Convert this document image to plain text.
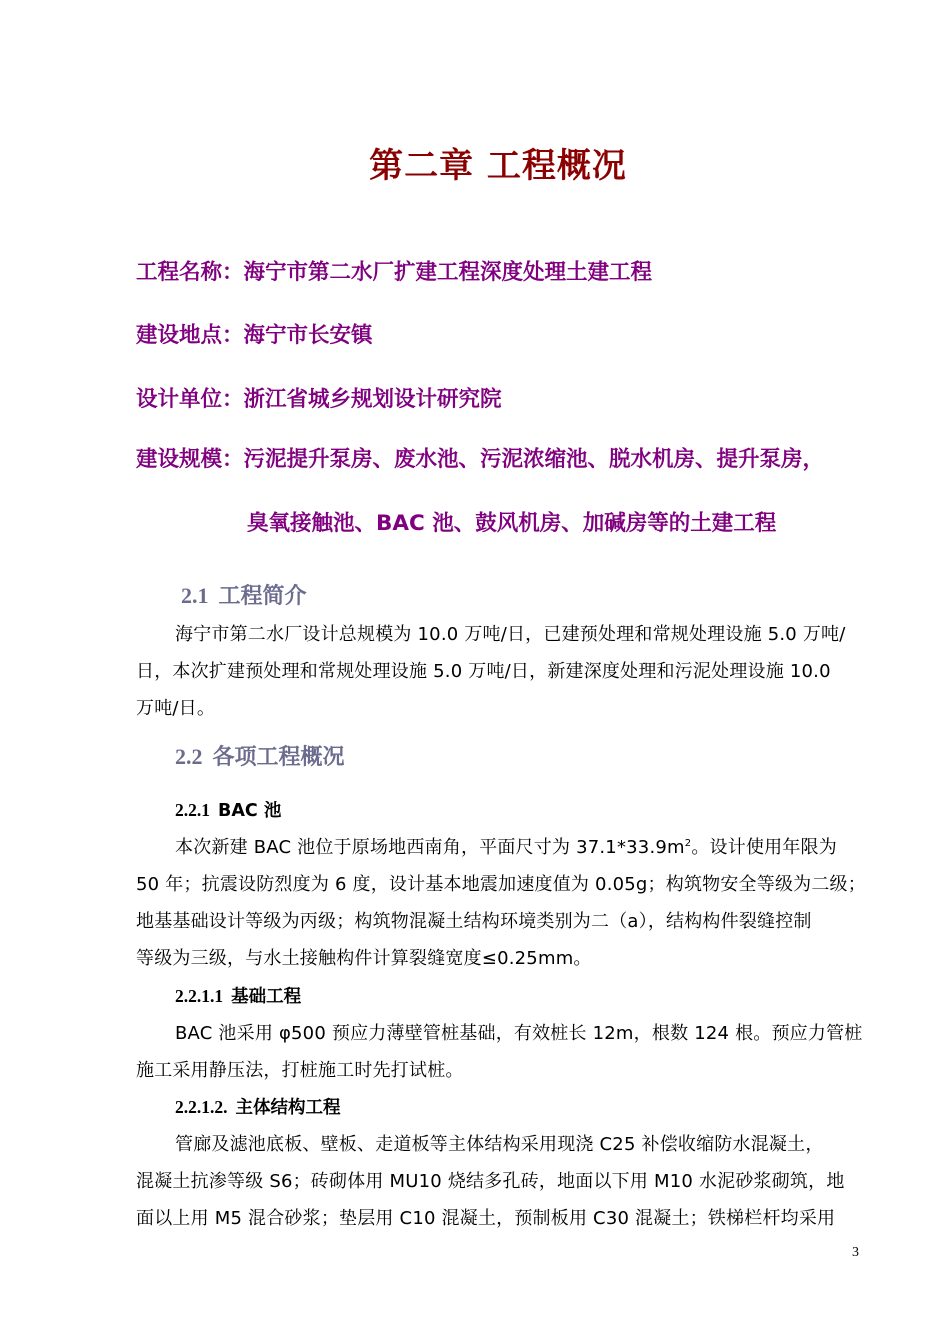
第二章 工程概况
工程名称：海宁市第二水厂扩建工程深度处理土建工程
建设地点：海宁市长安镇
设计单位：浙江省城乡规划设计研究院
建设规模：污泥提升泵房、废水池、污泥浓缩池、脱水机房、提升泵房，
臭氧接触池、BAC 池、鼓风机房、加碱房等的土建工程
2.1 工程简介
海宁市第二水厂设计总规模为 10.0 万吨/日，已建预处理和常规处理设施 5.0 万吨/
日，本次扩建预处理和常规处理设施 5.0 万吨/日，新建深度处理和污泥处理设施 10.0
万吨/日。
2.2 各项工程概况
2.2.1 BAC 池
本次新建 BAC 池位于原场地西南角，平面尺寸为 $37.1*33.9m^2$。设计使用年限为
50 年；抗震设防烈度为 6 度，设计基本地震加速度值为 0.05g；构筑物安全等级为二级；
地基基础设计等级为丙级；构筑物混凝土结构环境类别为二（a），结构构件裂缝控制
等级为三级，与水土接触构件计算裂缝宽度≤0.25mm。
2.2.1.1 基础工程
BAC 池采用 φ500 预应力薄壁管桩基础，有效桩长 12m，根数 124 根。预应力管桩
施工采用静压法，打桩施工时先打试桩。
2.2.1.2. 主体结构工程
管廊及滤池底板、壁板、走道板等主体结构采用现浇 C25 补偿收缩防水混凝土，
混凝土抗渗等级 S6；砖砌体用 MU10 烧结多孔砖，地面以下用 M10 水泥砂浆砌筑，地
面以上用 M5 混合砂浆；垫层用 C10 混凝土，预制板用 C30 混凝土；铁梯栏杆均采用
3
